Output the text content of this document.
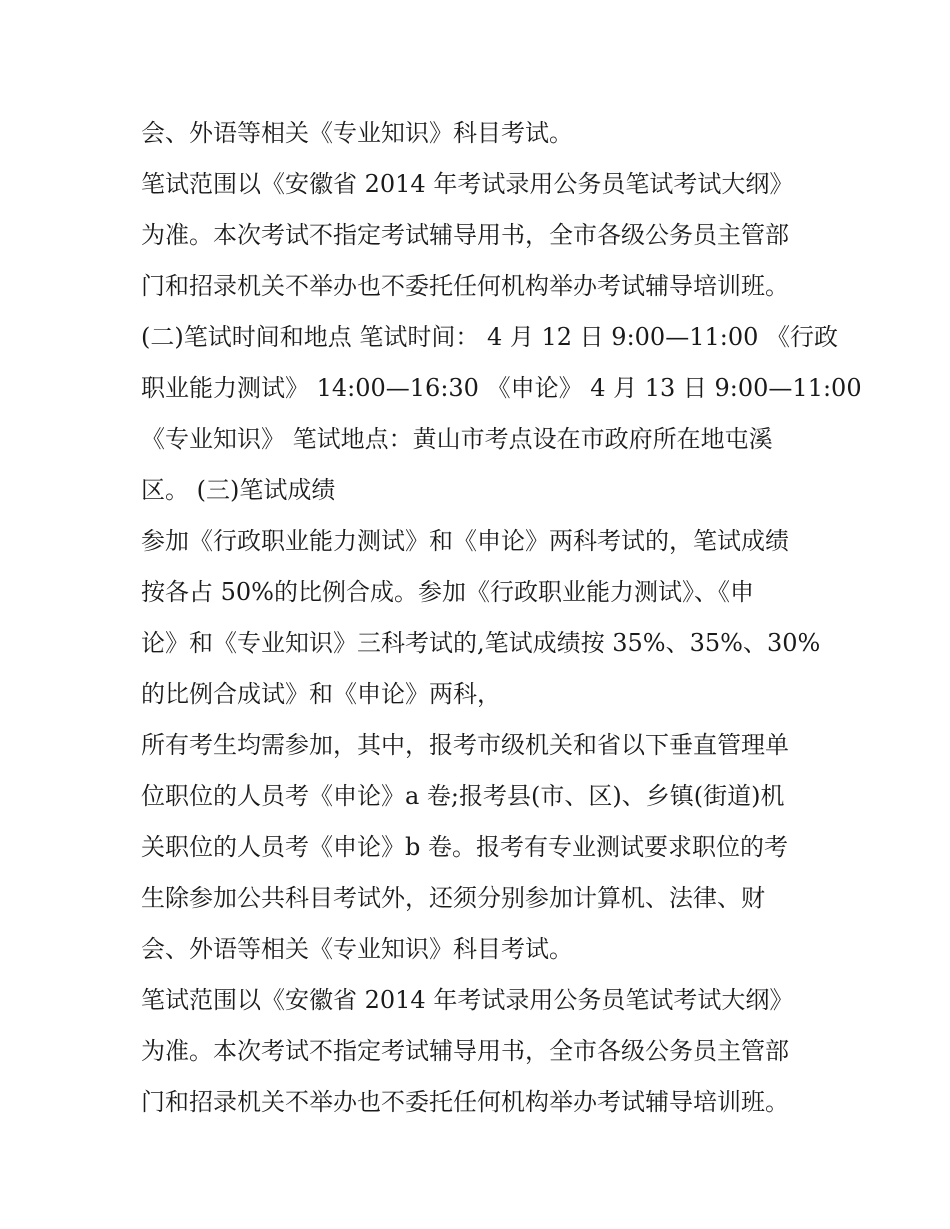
会、外语等相关《专业知识》科目考试。
笔试范围以《安徽省 2014 年考试录用公务员笔试考试大纲》
为准。本次考试不指定考试辅导用书，全市各级公务员主管部
门和招录机关不举办也不委托任何机构举办考试辅导培训班。
(二)笔试时间和地点 笔试时间： 4 月 12 日 9:00—11:00 《行政
职业能力测试》 14:00—16:30 《申论》 4 月 13 日 9:00—11:00
《专业知识》 笔试地点：黄山市考点设在市政府所在地屯溪
区。 (三)笔试成绩
参加《行政职业能力测试》和《申论》两科考试的，笔试成绩
按各占 50%的比例合成。参加《行政职业能力测试》、《申
论》和《专业知识》三科考试的,笔试成绩按 35%、35%、30%
的比例合成试》和《申论》两科，
所有考生均需参加，其中，报考市级机关和省以下垂直管理单
位职位的人员考《申论》a 卷;报考县(市、区)、乡镇(街道)机
关职位的人员考《申论》b 卷。报考有专业测试要求职位的考
生除参加公共科目考试外，还须分别参加计算机、法律、财
会、外语等相关《专业知识》科目考试。
笔试范围以《安徽省 2014 年考试录用公务员笔试考试大纲》
为准。本次考试不指定考试辅导用书，全市各级公务员主管部
门和招录机关不举办也不委托任何机构举办考试辅导培训班。
